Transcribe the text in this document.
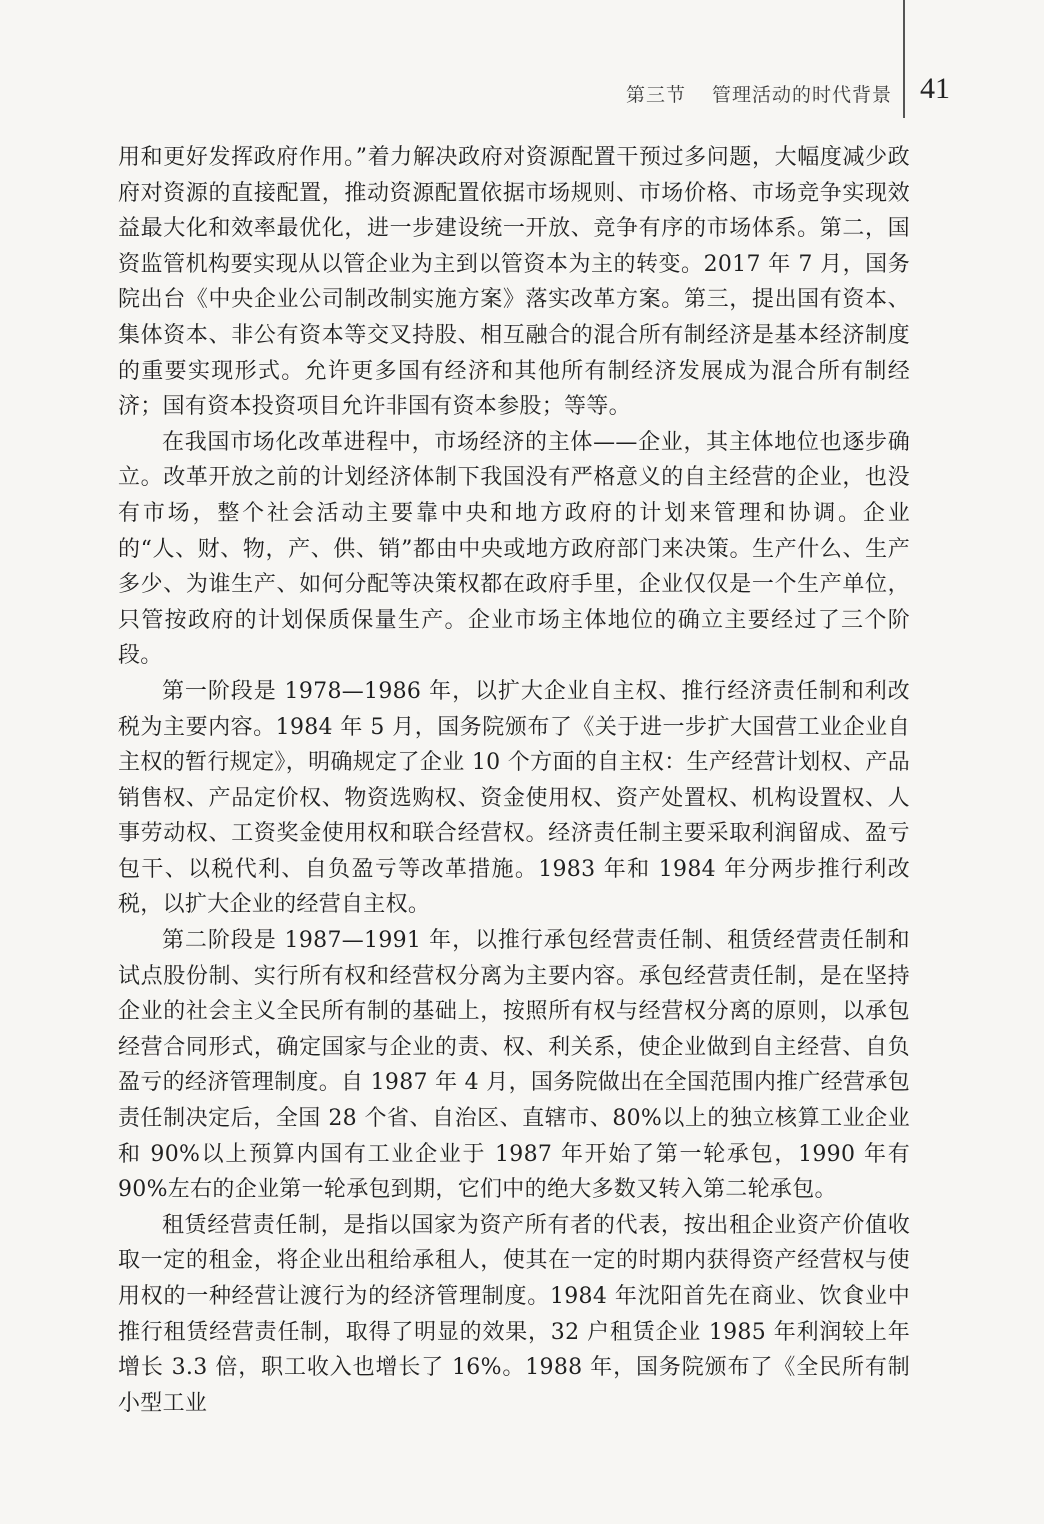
第三节 管理活动的时代背景 41

用和更好发挥政府作用。”着力解决政府对资源配置干预过多问题，大幅度减少政府对资源的直接配置，推动资源配置依据市场规则、市场价格、市场竞争实现效益最大化和效率最优化，进一步建设统一开放、竞争有序的市场体系。第二，国资监管机构要实现从以管企业为主到以管资本为主的转变。2017 年 7 月，国务院出台《中央企业公司制改制实施方案》落实改革方案。第三，提出国有资本、集体资本、非公有资本等交叉持股、相互融合的混合所有制经济是基本经济制度的重要实现形式。允许更多国有经济和其他所有制经济发展成为混合所有制经济；国有资本投资项目允许非国有资本参股；等等。

在我国市场化改革进程中，市场经济的主体——企业，其主体地位也逐步确立。改革开放之前的计划经济体制下我国没有严格意义的自主经营的企业，也没有市场，整个社会活动主要靠中央和地方政府的计划来管理和协调。企业的“人、财、物，产、供、销”都由中央或地方政府部门来决策。生产什么、生产多少、为谁生产、如何分配等决策权都在政府手里，企业仅仅是一个生产单位，只管按政府的计划保质保量生产。企业市场主体地位的确立主要经过了三个阶段。

第一阶段是 1978—1986 年，以扩大企业自主权、推行经济责任制和利改税为主要内容。1984 年 5 月，国务院颁布了《关于进一步扩大国营工业企业自主权的暂行规定》，明确规定了企业 10 个方面的自主权：生产经营计划权、产品销售权、产品定价权、物资选购权、资金使用权、资产处置权、机构设置权、人事劳动权、工资奖金使用权和联合经营权。经济责任制主要采取利润留成、盈亏包干、以税代利、自负盈亏等改革措施。1983 年和 1984 年分两步推行利改税，以扩大企业的经营自主权。

第二阶段是 1987—1991 年，以推行承包经营责任制、租赁经营责任制和试点股份制、实行所有权和经营权分离为主要内容。承包经营责任制，是在坚持企业的社会主义全民所有制的基础上，按照所有权与经营权分离的原则，以承包经营合同形式，确定国家与企业的责、权、利关系，使企业做到自主经营、自负盈亏的经济管理制度。自 1987 年 4 月，国务院做出在全国范围内推广经营承包责任制决定后，全国 28 个省、自治区、直辖市、80%以上的独立核算工业企业和 90%以上预算内国有工业企业于 1987 年开始了第一轮承包，1990 年有 90%左右的企业第一轮承包到期，它们中的绝大多数又转入第二轮承包。

租赁经营责任制，是指以国家为资产所有者的代表，按出租企业资产价值收取一定的租金，将企业出租给承租人，使其在一定的时期内获得资产经营权与使用权的一种经营让渡行为的经济管理制度。1984 年沈阳首先在商业、饮食业中推行租赁经营责任制，取得了明显的效果，32 户租赁企业 1985 年利润较上年增长 3.3 倍，职工收入也增长了 16%。1988 年，国务院颁布了《全民所有制小型工业
